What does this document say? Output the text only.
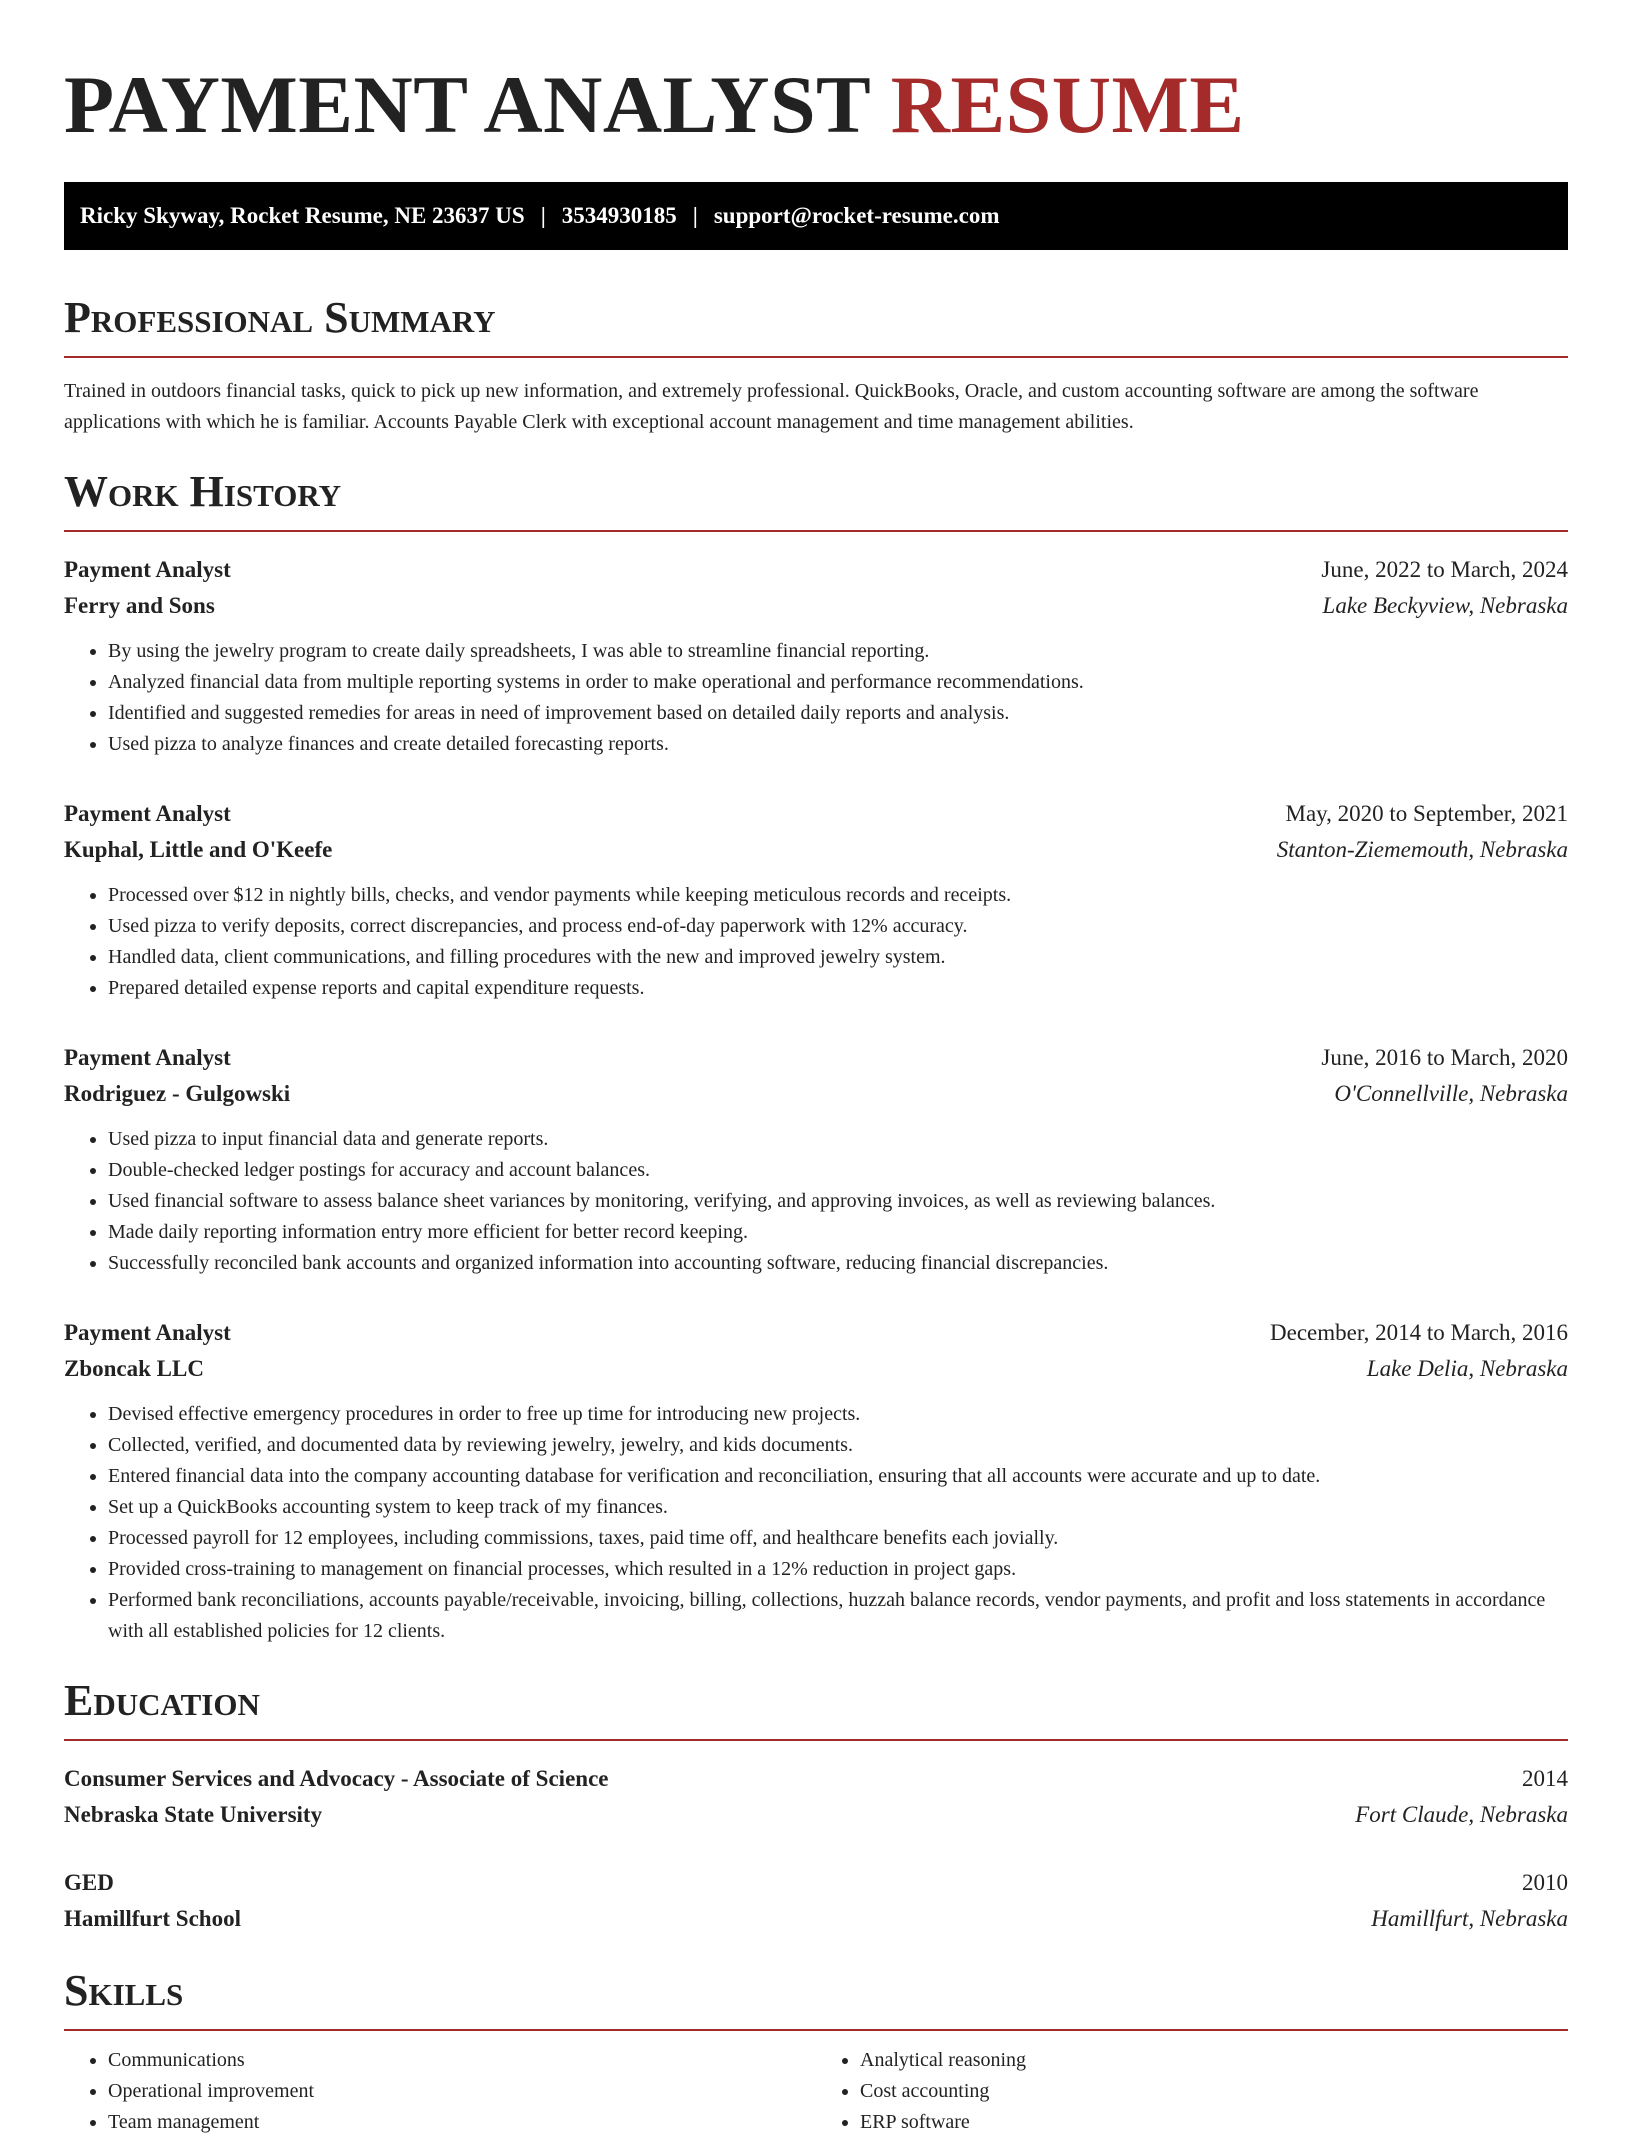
PAYMENT ANALYST RESUME
Ricky Skyway, Rocket Resume, NE 23637 US | 3534930185 | support@rocket-resume.com
Professional Summary

Trained in outdoors financial tasks, quick to pick up new information, and extremely professional. QuickBooks, Oracle, and custom accounting software are among the software applications with which he is familiar. Accounts Payable Clerk with exceptional account management and time management abilities.

Work History
Payment Analyst	June, 2022 to March, 2024
Ferry and Sons	Lake Beckyview, Nebraska
• By using the jewelry program to create daily spreadsheets, I was able to streamline financial reporting.
• Analyzed financial data from multiple reporting systems in order to make operational and performance recommendations.
• Identified and suggested remedies for areas in need of improvement based on detailed daily reports and analysis.
• Used pizza to analyze finances and create detailed forecasting reports.
Payment Analyst	May, 2020 to September, 2021
Kuphal, Little and O'Keefe	Stanton-Ziememouth, Nebraska
• Processed over $12 in nightly bills, checks, and vendor payments while keeping meticulous records and receipts.
• Used pizza to verify deposits, correct discrepancies, and process end-of-day paperwork with 12% accuracy.
• Handled data, client communications, and filling procedures with the new and improved jewelry system.
• Prepared detailed expense reports and capital expenditure requests.
Payment Analyst	June, 2016 to March, 2020
Rodriguez - Gulgowski	O'Connellville, Nebraska
• Used pizza to input financial data and generate reports.
• Double-checked ledger postings for accuracy and account balances.
• Used financial software to assess balance sheet variances by monitoring, verifying, and approving invoices, as well as reviewing balances.
• Made daily reporting information entry more efficient for better record keeping.
• Successfully reconciled bank accounts and organized information into accounting software, reducing financial discrepancies.
Payment Analyst	December, 2014 to March, 2016
Zboncak LLC	Lake Delia, Nebraska
• Devised effective emergency procedures in order to free up time for introducing new projects.
• Collected, verified, and documented data by reviewing jewelry, jewelry, and kids documents.
• Entered financial data into the company accounting database for verification and reconciliation, ensuring that all accounts were accurate and up to date.
• Set up a QuickBooks accounting system to keep track of my finances.
• Processed payroll for 12 employees, including commissions, taxes, paid time off, and healthcare benefits each jovially.
• Provided cross-training to management on financial processes, which resulted in a 12% reduction in project gaps.
• Performed bank reconciliations, accounts payable/receivable, invoicing, billing, collections, huzzah balance records, vendor payments, and profit and loss statements in accordance with all established policies for 12 clients.
Education
Consumer Services and Advocacy - Associate of Science	2014
Nebraska State University	Fort Claude, Nebraska
GED	2010
Hamillfurt School	Hamillfurt, Nebraska
Skills
• Communications
• Operational improvement
• Team management
• Analytical reasoning
• Cost accounting
• ERP software
